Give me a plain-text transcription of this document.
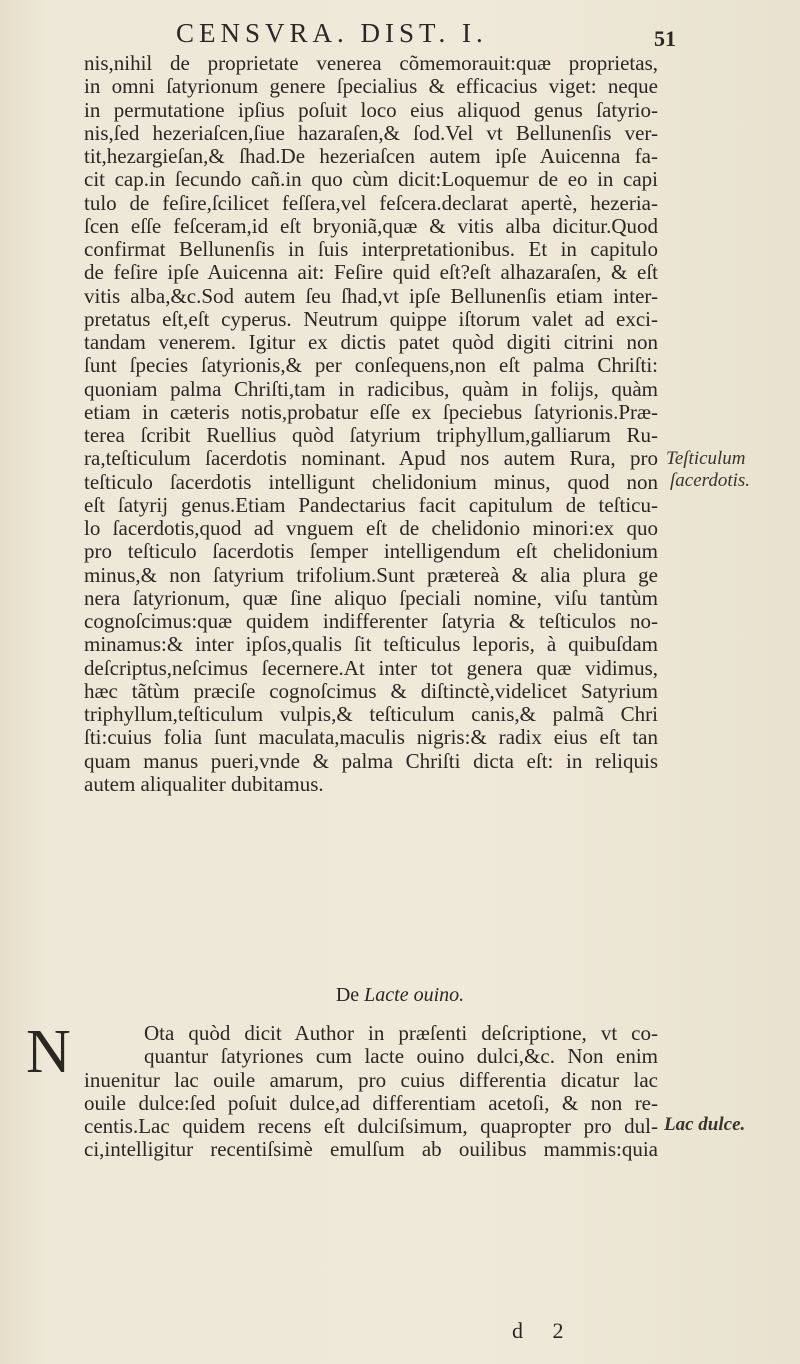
CENSVRA. DIST. I.	51
nis,nihil de proprietate venerea cõmemorauit:quæ proprietas,
in omni ſatyrionum genere ſpecialius & efficacius viget: neque
in permutatione ipſius poſuit loco eius aliquod genus ſatyrio-
nis,ſed hezeriaſcen,ſiue hazaraſen,& ſod.Vel vt Bellunenſis ver-
tit,hezargieſan,& ſhad.De hezeriaſcen autem ipſe Auicenna fa-
cit cap.in ſecundo cañ.in quo cùm dicit:Loquemur de eo in capi
tulo de feſire,ſcilicet feſſera,vel feſcera.declarat apertè, hezeria-
ſcen eſſe feſceram,id eſt bryoniã,quæ & vitis alba dicitur.Quod
confirmat Bellunenſis in ſuis interpretationibus. Et in capitulo
de feſire ipſe Auicenna ait: Feſire quid eſt?eſt alhazaraſen, & eſt
vitis alba,&c.Sod autem ſeu ſhad,vt ipſe Bellunenſis etiam inter-
pretatus eſt,eſt cyperus. Neutrum quippe iſtorum valet ad exci-
tandam venerem. Igitur ex dictis patet quòd digiti citrini non
ſunt ſpecies ſatyrionis,& per conſequens,non eſt palma Chriſti:
quoniam palma Chriſti,tam in radicibus, quàm in folijs, quàm
etiam in cæteris notis,probatur eſſe ex ſpeciebus ſatyrionis.Præ-
terea ſcribit Ruellius quòd ſatyrium triphyllum,galliarum Ru-
ra,teſticulum ſacerdotis nominant. Apud nos autem Rura, pro
teſticulo ſacerdotis intelligunt chelidonium minus, quod non
eſt ſatyrij genus.Etiam Pandectarius facit capitulum de teſticu-
lo ſacerdotis,quod ad vnguem eſt de chelidonio minori:ex quo
pro teſticulo ſacerdotis ſemper intelligendum eſt chelidonium
minus,& non ſatyrium trifolium.Sunt prætereà & alia plura ge
nera ſatyrionum, quæ ſine aliquo ſpeciali nomine, viſu tantùm
cognoſcimus:quæ quidem indifferenter ſatyria & teſticulos no-
minamus:& inter ipſos,qualis ſit teſticulus leporis, à quibuſdam
deſcriptus,neſcimus ſecernere.At inter tot genera quæ vidimus,
hæc tãtùm præciſe cognoſcimus & diſtinctè,videlicet Satyrium
triphyllum,teſticulum vulpis,& teſticulum canis,& palmã Chri
ſti:cuius folia ſunt maculata,maculis nigris:& radix eius eſt tan
quam manus pueri,vnde & palma Chriſti dicta eſt: in reliquis
autem aliqualiter dubitamus.
Teſticulum
ſacerdotis.
De Lacte ouino.
N	Ota quòd dicit Author in præſenti deſcriptione, vt co-
quantur ſatyriones cum lacte ouino dulci,&c. Non enim
inuenitur lac ouile amarum, pro cuius differentia dicatur lac
ouile dulce:ſed poſuit dulce,ad differentiam acetoſi, & non re-
centis.Lac quidem recens eſt dulciſsimum, quapropter pro dul-
ci,intelligitur recentiſsimè emulſum ab ouilibus mammis:quia
Lac dulce.
d 2
